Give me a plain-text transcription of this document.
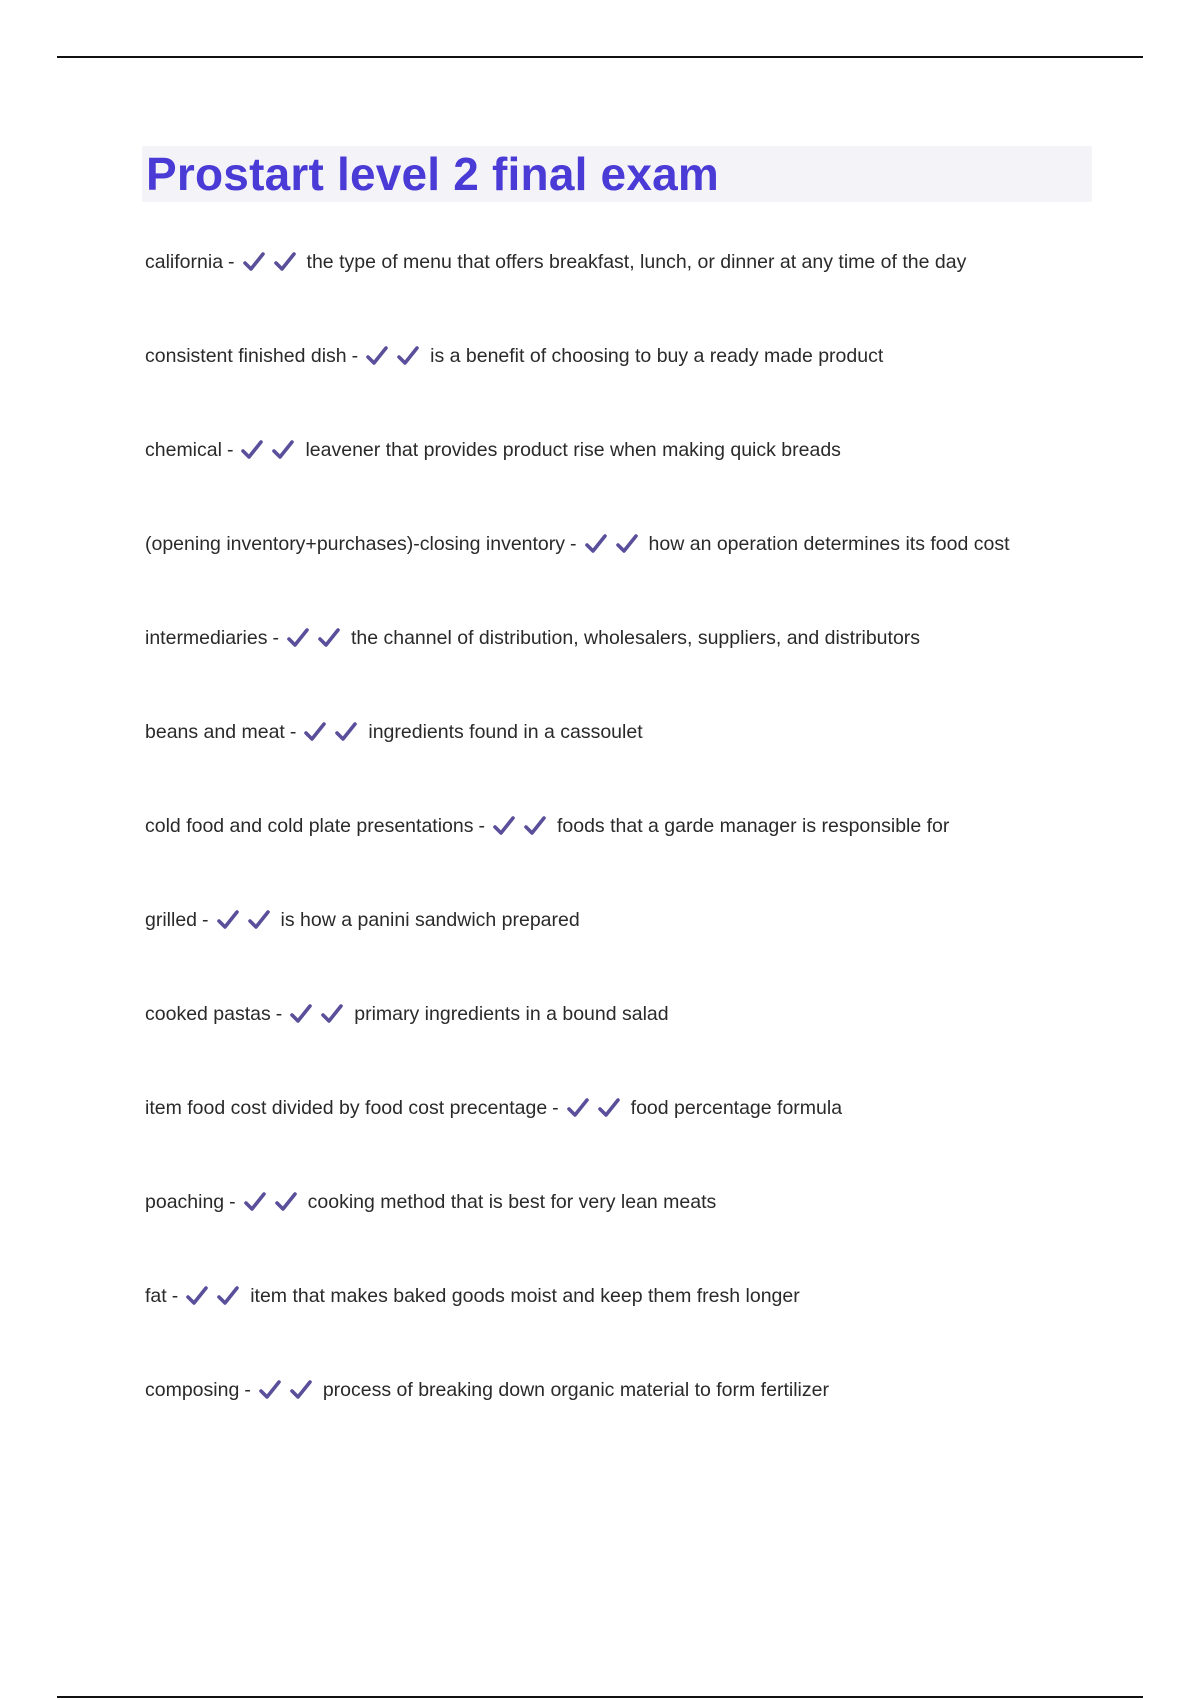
Prostart level 2 final exam
california -	the type of menu that offers breakfast, lunch, or dinner at any time of the day
consistent finished dish -	is a benefit of choosing to buy a ready made product
chemical -	leavener that provides product rise when making quick breads
(opening inventory+purchases)-closing inventory -	how an operation determines its food cost
intermediaries -	the channel of distribution, wholesalers, suppliers, and distributors
beans and meat -	ingredients found in a cassoulet
cold food and cold plate presentations -	foods that a garde manager is responsible for
grilled -	is how a panini sandwich prepared
cooked pastas -	primary ingredients in a bound salad
item food cost divided by food cost precentage -	food percentage formula
poaching -	cooking method that is best for very lean meats
fat -	item that makes baked goods moist and keep them fresh longer
composing -	process of breaking down organic material to form fertilizer
